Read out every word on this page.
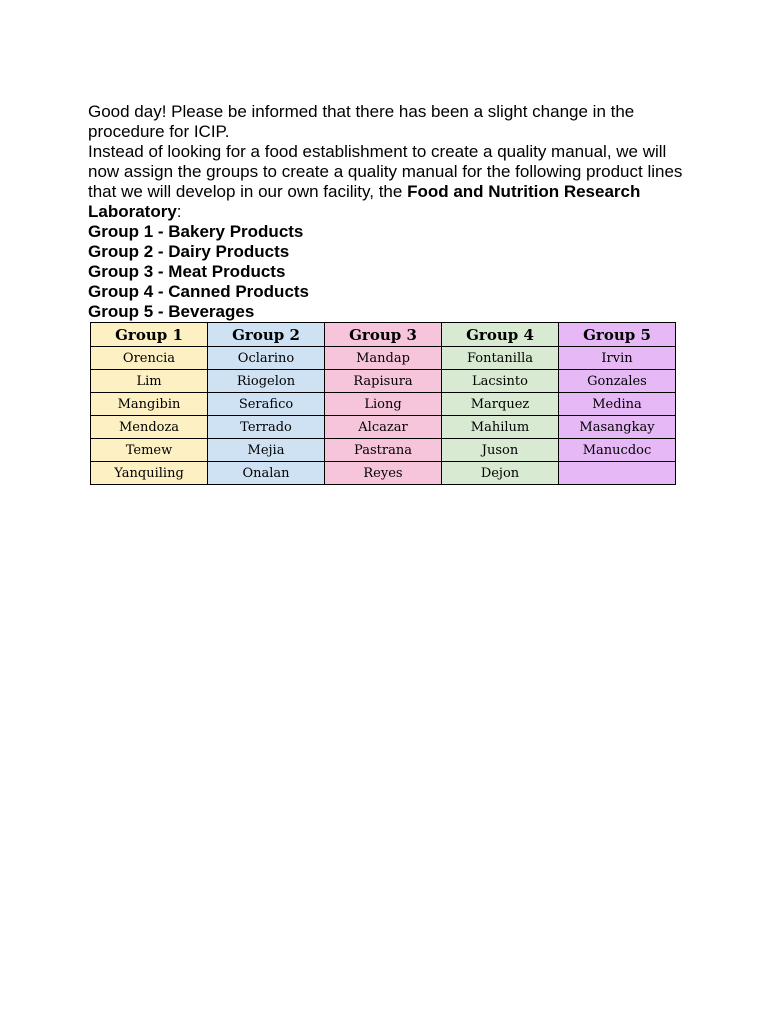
Good day! Please be informed that there has been a slight change in the procedure for ICIP.
Instead of looking for a food establishment to create a quality manual, we will now assign the groups to create a quality manual for the following product lines that we will develop in our own facility, the Food and Nutrition Research Laboratory:

Group 1 - Bakery Products

Group 2 - Dairy Products

Group 3 - Meat Products

Group 4 - Canned Products

Group 5 - Beverages

Group 1	Group 2	Group 3	Group 4	Group 5
Orencia	Oclarino	Mandap	Fontanilla	Irvin
Lim	Riogelon	Rapisura	Lacsinto	Gonzales
Mangibin	Serafico	Liong	Marquez	Medina
Mendoza	Terrado	Alcazar	Mahilum	Masangkay
Temew	Mejia	Pastrana	Juson	Manucdoc
Yanquiling	Onalan	Reyes	Dejon	
